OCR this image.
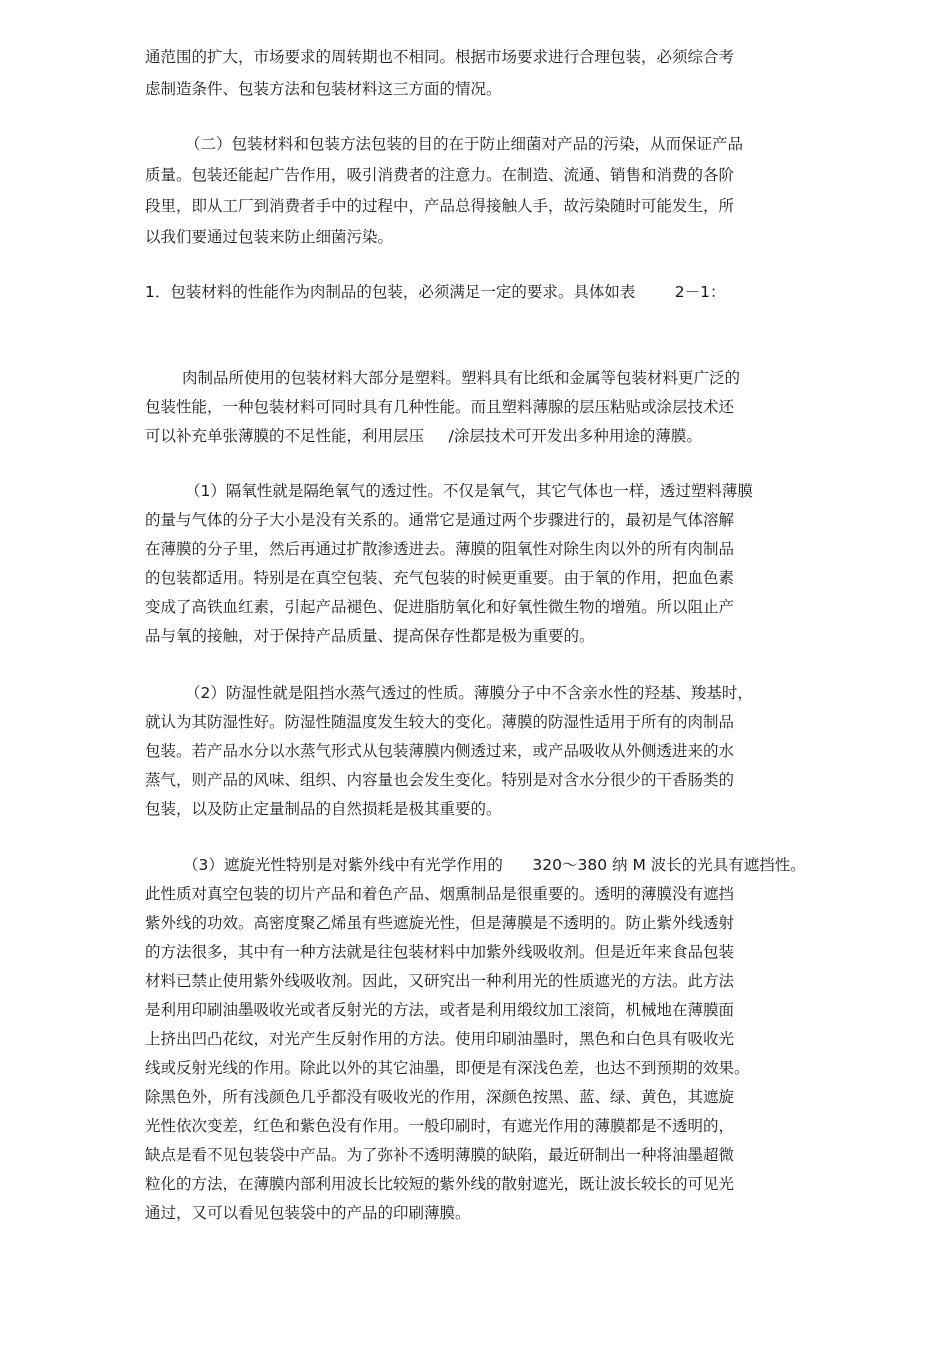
通范围的扩大，市场要求的周转期也不相同。根据市场要求进行合理包装，必须综合考
虑制造条件、包装方法和包装材料这三方面的情况。
（二）包装材料和包装方法包装的目的在于防止细菌对产品的污染，从而保证产品
质量。包装还能起广告作用，吸引消费者的注意力。在制造、流通、销售和消费的各阶
段里，即从工厂到消费者手中的过程中，产品总得接触人手，故污染随时可能发生，所
以我们要通过包装来防止细菌污染。
1．包装材料的性能作为肉制品的包装，必须满足一定的要求。具体如表        2－1：
肉制品所使用的包装材料大部分是塑料。塑料具有比纸和金属等包装材料更广泛的
包装性能，一种包装材料可同时具有几种性能。而且塑料薄腺的层压粘贴或涂层技术还
可以补充单张薄膜的不足性能，利用层压     /涂层技术可开发出多种用途的薄膜。
（1）隔氧性就是隔绝氧气的透过性。不仅是氧气，其它气体也一样，透过塑料薄膜
的量与气体的分子大小是没有关系的。通常它是通过两个步骤进行的，最初是气体溶解
在薄膜的分子里，然后再通过扩散渗透进去。薄膜的阻氧性对除生肉以外的所有肉制品
的包装都适用。特别是在真空包装、充气包装的时候更重要。由于氧的作用，把血色素
变成了高铁血红素，引起产品褪色、促进脂肪氧化和好氧性微生物的增殖。所以阻止产
品与氧的接触，对于保持产品质量、提高保存性都是极为重要的。
（2）防湿性就是阻挡水蒸气透过的性质。薄膜分子中不含亲水性的羟基、羧基时，
就认为其防湿性好。防湿性随温度发生较大的变化。薄膜的防湿性适用于所有的肉制品
包装。若产品水分以水蒸气形式从包装薄膜内侧透过来，或产品吸收从外侧透进来的水
蒸气，则产品的风味、组织、内容量也会发生变化。特别是对含水分很少的干香肠类的
包装，以及防止定量制品的自然损耗是极其重要的。
（3）遮旋光性特别是对紫外线中有光学作用的      320～380 纳 M 波长的光具有遮挡性。
此性质对真空包装的切片产品和着色产品、烟熏制品是很重要的。透明的薄膜没有遮挡
紫外线的功效。高密度聚乙烯虽有些遮旋光性，但是薄膜是不透明的。防止紫外线透射
的方法很多，其中有一种方法就是往包装材料中加紫外线吸收剂。但是近年来食品包装
材料已禁止使用紫外线吸收剂。因此，又研究出一种利用光的性质遮光的方法。此方法
是利用印刷油墨吸收光或者反射光的方法，或者是利用缎纹加工滚筒，机械地在薄膜面
上挤出凹凸花纹，对光产生反射作用的方法。使用印刷油墨时，黑色和白色具有吸收光
线或反射光线的作用。除此以外的其它油墨，即便是有深浅色差，也达不到预期的效果。
除黑色外，所有浅颜色几乎都没有吸收光的作用，深颜色按黑、蓝、绿、黄色，其遮旋
光性依次变差，红色和紫色没有作用。一般印刷时，有遮光作用的薄膜都是不透明的，
缺点是看不见包装袋中产品。为了弥补不透明薄膜的缺陷，最近研制出一种将油墨超微
粒化的方法，在薄膜内部利用波长比较短的紫外线的散射遮光，既让波长较长的可见光
通过，又可以看见包装袋中的产品的印刷薄膜。
